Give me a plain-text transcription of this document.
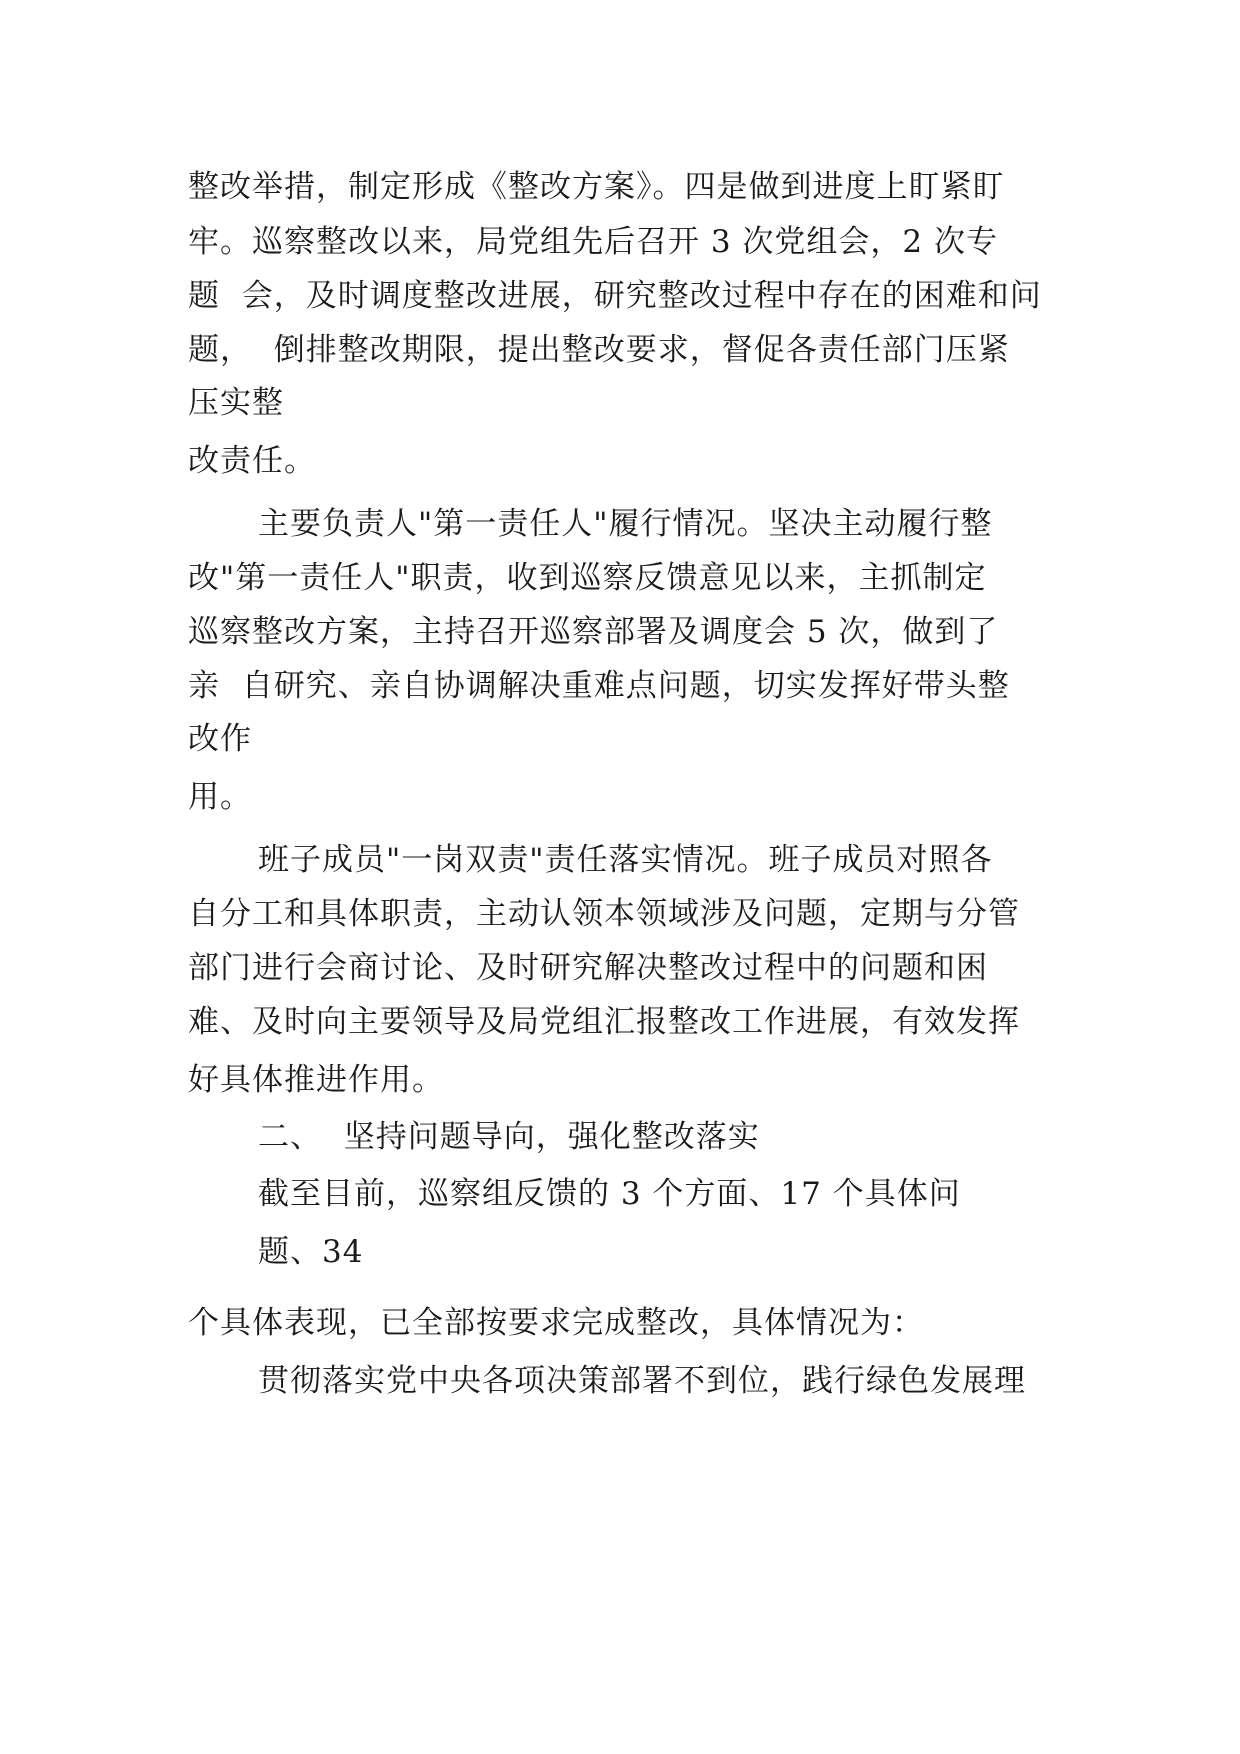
整改举措，制定形成《整改方案》。四是做到进度上盯紧盯
牢。巡察整改以来，局党组先后召开 3 次党组会，2 次专
题  会，及时调度整改进展，研究整改过程中存在的困难和问
题，  倒排整改期限，提出整改要求，督促各责任部门压紧
压实整
改责任。
主要负责人"第一责任人"履行情况。坚决主动履行整
改"第一责任人"职责，收到巡察反馈意见以来，主抓制定
巡察整改方案，主持召开巡察部署及调度会 5 次，做到了
亲  自研究、亲自协调解决重难点问题，切实发挥好带头整
改作
用。
班子成员"一岗双责"责任落实情况。班子成员对照各
自分工和具体职责，主动认领本领域涉及问题，定期与分管
部门进行会商讨论、及时研究解决整改过程中的问题和困
难、及时向主要领导及局党组汇报整改工作进展，有效发挥
好具体推进作用。
二、  坚持问题导向，强化整改落实
截至目前，巡察组反馈的 3 个方面、17 个具体问
题、34
个具体表现，已全部按要求完成整改，具体情况为：
贯彻落实党中央各项决策部署不到位，践行绿色发展理
